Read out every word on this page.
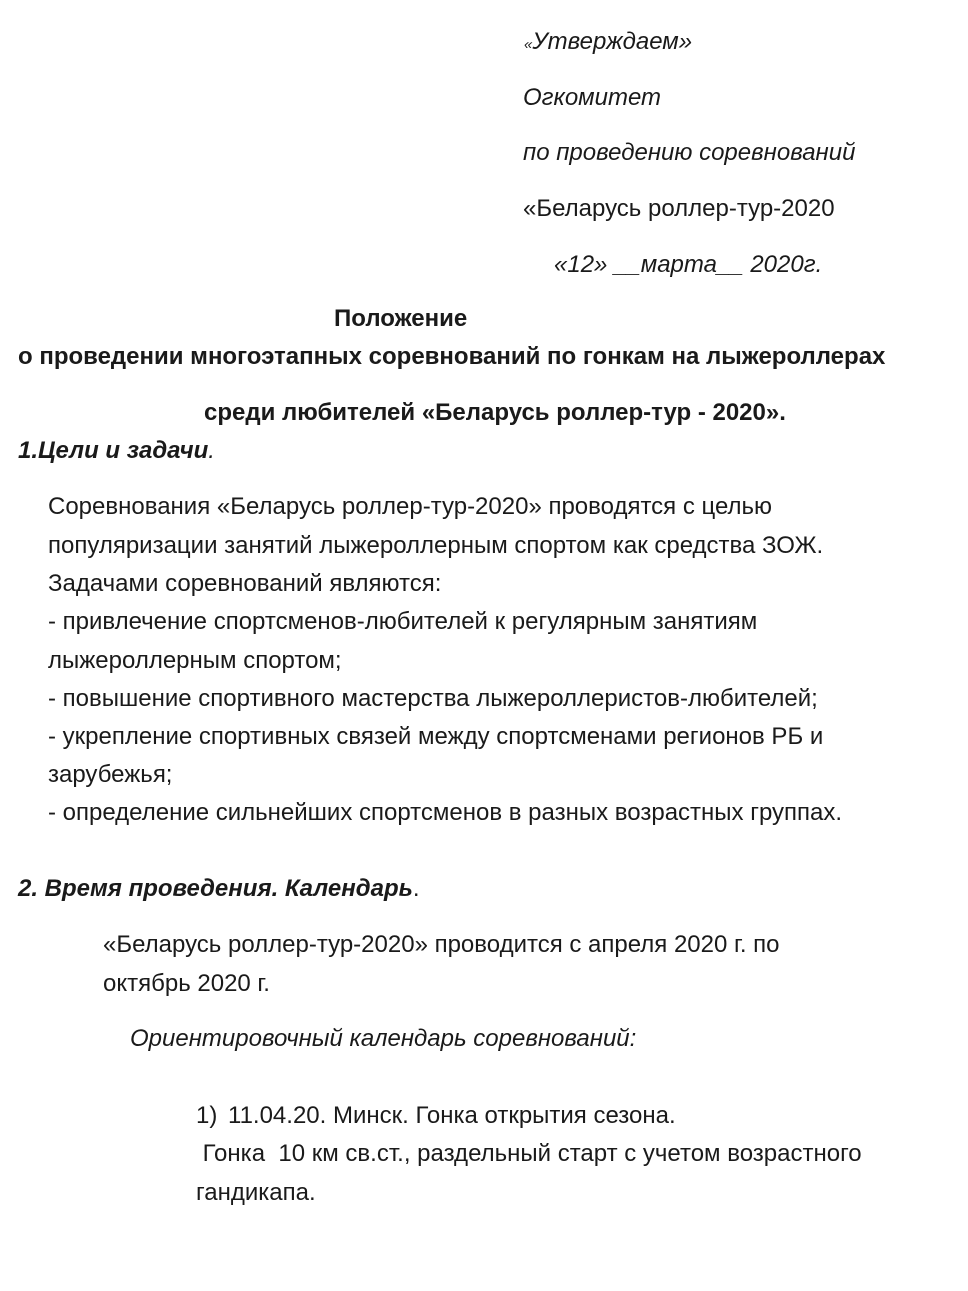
«Утверждаем»
Огкомитет
по проведению соревнований
«Беларусь роллер-тур-2020
«12» __марта__ 2020г.
Положение
о проведении многоэтапных соревнований по гонкам на лыжероллерах
среди любителей «Беларусь роллер-тур - 2020».
1.Цели и задачи.
Соревнования «Беларусь роллер-тур-2020» проводятся с целью
популяризации занятий лыжероллерным спортом как средства ЗОЖ.
Задачами соревнований являются:
- привлечение спортсменов-любителей к регулярным занятиям
лыжероллерным спортом;
- повышение спортивного мастерства лыжероллеристов-любителей;
- укрепление спортивных связей между спортсменами регионов РБ и
зарубежья;
- определение сильнейших спортсменов в разных возрастных группах.
2. Время проведения. Календарь.
«Беларусь роллер-тур-2020» проводится с апреля 2020 г. по
октябрь 2020 г.
Ориентировочный календарь соревнований:
1) 11.04.20. Минск. Гонка открытия сезона.
Гонка  10 км св.ст., раздельный старт с учетом возрастного
гандикапа.
